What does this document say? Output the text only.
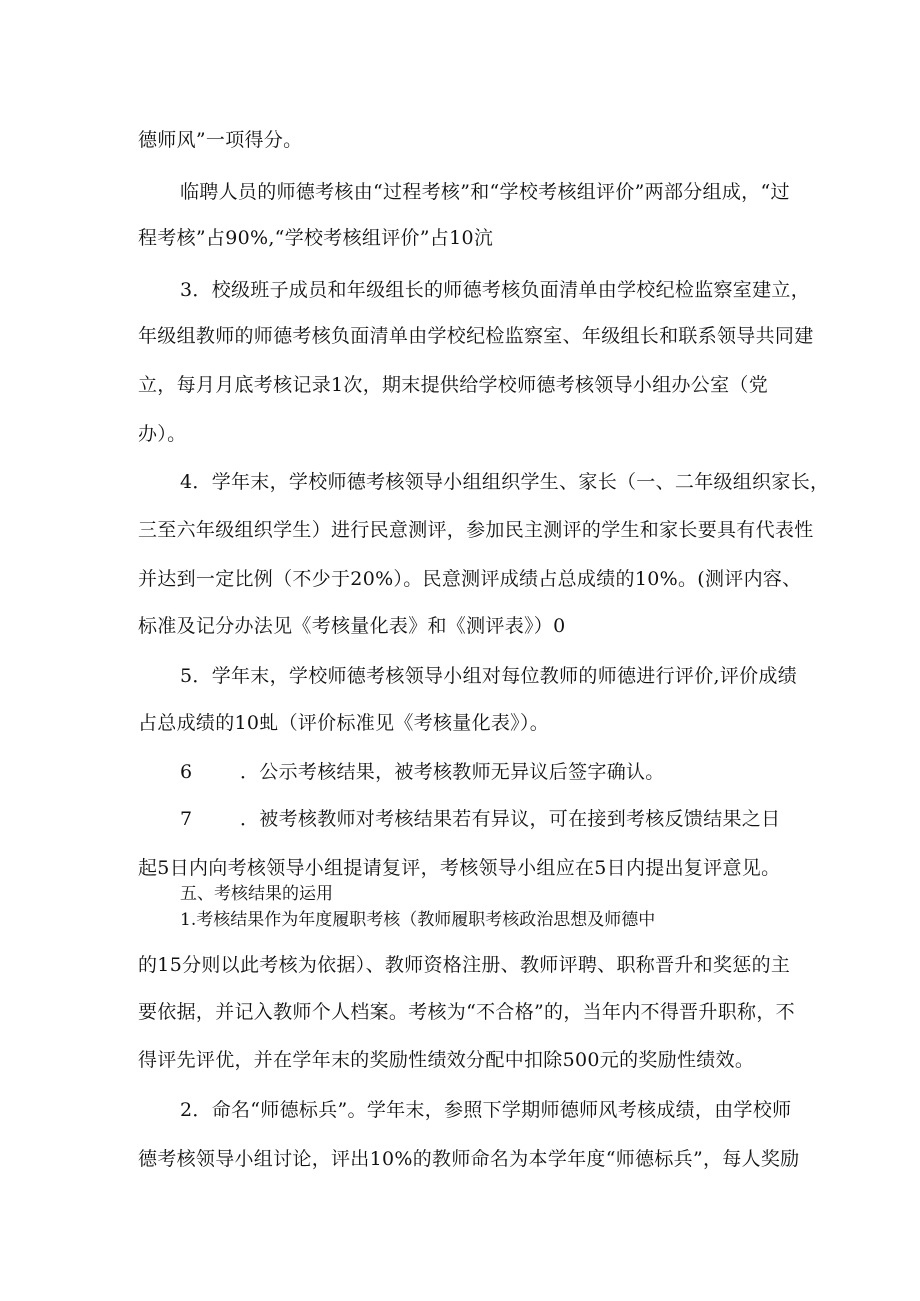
德师风”一项得分。
临聘人员的师德考核由“过程考核”和“学校考核组评价”两部分组成，“过
程考核”占90%,“学校考核组评价”占10沆
3．校级班子成员和年级组长的师德考核负面清单由学校纪检监察室建立，
年级组教师的师德考核负面清单由学校纪检监察室、年级组长和联系领导共同建
立，每月月底考核记录1次，期末提供给学校师德考核领导小组办公室（党
办）。
4．学年末，学校师德考核领导小组组织学生、家长（一、二年级组织家长，
三至六年级组织学生）进行民意测评，参加民主测评的学生和家长要具有代表性
并达到一定比例（不少于20%）。民意测评成绩占总成绩的10%。(测评内容、
标准及记分办法见《考核量化表》和《测评表》）0
5．学年末，学校师德考核领导小组对每位教师的师德进行评价,评价成绩
占总成绩的10虬（评价标准见《考核量化表》）。
6	．公示考核结果，被考核教师无异议后签字确认。
7	．被考核教师对考核结果若有异议，可在接到考核反馈结果之日
起5日内向考核领导小组提请复评，考核领导小组应在5日内提出复评意见。
五、考核结果的运用
1.考核结果作为年度履职考核（教师履职考核政治思想及师德中
的15分则以此考核为依据）、教师资格注册、教师评聘、职称晋升和奖惩的主
要依据，并记入教师个人档案。考核为“不合格”的，当年内不得晋升职称，不
得评先评优，并在学年末的奖励性绩效分配中扣除500元的奖励性绩效。
2．命名“师德标兵”。学年末，参照下学期师德师风考核成绩，由学校师
德考核领导小组讨论，评出10%的教师命名为本学年度“师德标兵”，每人奖励
